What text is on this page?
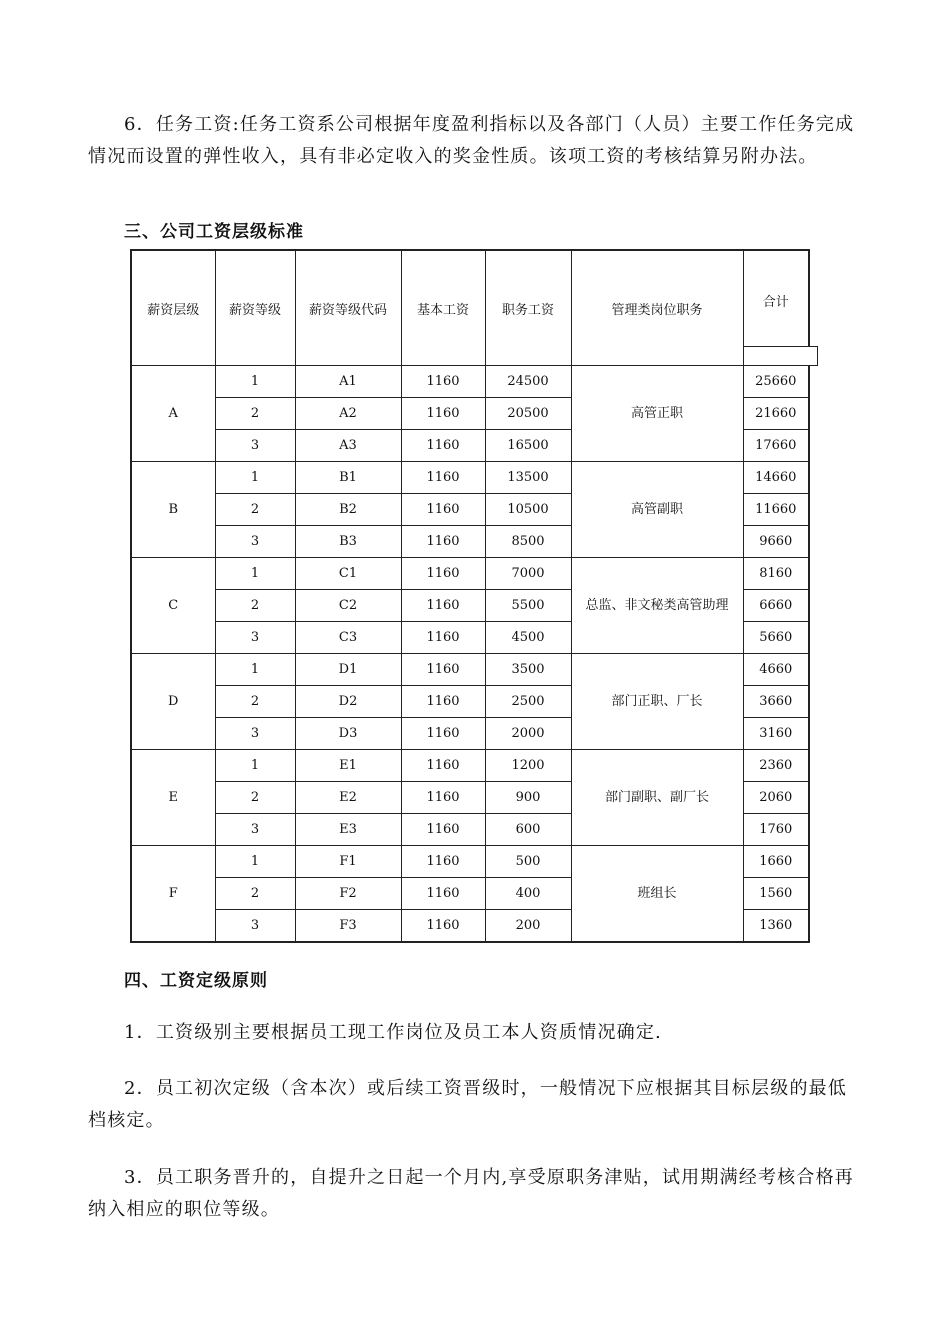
6．任务工资:任务工资系公司根据年度盈利指标以及各部门（人员）主要工作任务完成情况而设置的弹性收入，具有非必定收入的奖金性质。该项工资的考核结算另附办法。

三、公司工资层级标准
薪资层级	薪资等级	薪资等级代码	基本工资	职务工资	管理类岗位职务	合计

A	1	A1	1160	24500	高管正职	25660
	2	A2	1160	20500		21660
	3	A3	1160	16500		17660
B	1	B1	1160	13500	高管副职	14660
	2	B2	1160	10500		11660
	3	B3	1160	8500		9660
C	1	C1	1160	7000	总监、非文秘类高管助理	8160
	2	C2	1160	5500		6660
	3	C3	1160	4500		5660
D	1	D1	1160	3500	部门正职、厂长	4660
	2	D2	1160	2500		3660
	3	D3	1160	2000		3160
E	1	E1	1160	1200	部门副职、副厂长	2360
	2	E2	1160	900		2060
	3	E3	1160	600		1760
F	1	F1	1160	500	班组长	1660
	2	F2	1160	400		1560
	3	F3	1160	200		1360
四、工资定级原则

1．工资级别主要根据员工现工作岗位及员工本人资质情况确定.

2．员工初次定级（含本次）或后续工资晋级时，一般情况下应根据其目标层级的最低档核定。

3．员工职务晋升的，自提升之日起一个月内,享受原职务津贴，试用期满经考核合格再纳入相应的职位等级。
